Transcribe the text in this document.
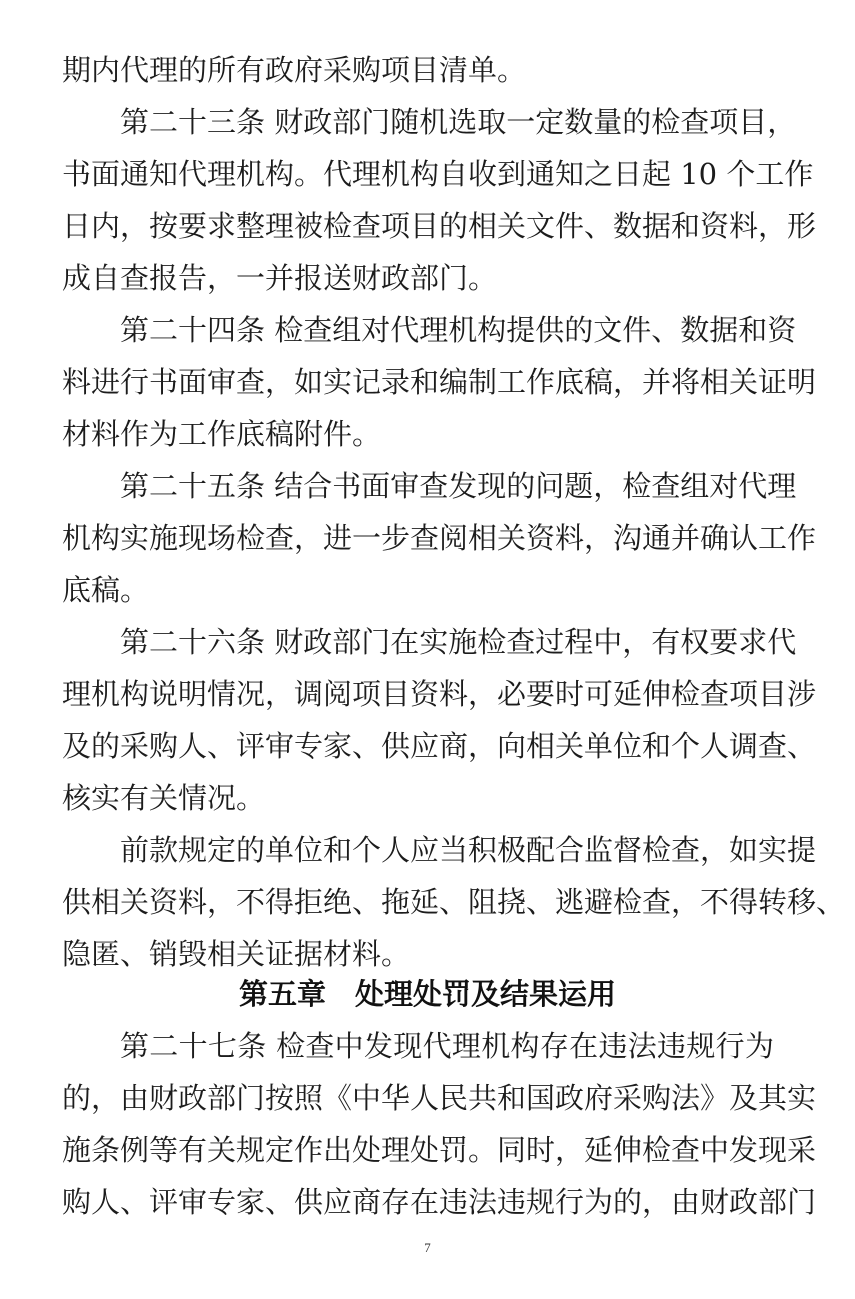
期内代理的所有政府采购项目清单。
第二十三条 财政部门随机选取一定数量的检查项目，
书面通知代理机构。代理机构自收到通知之日起 10 个工作
日内，按要求整理被检查项目的相关文件、数据和资料，形
成自查报告，一并报送财政部门。
第二十四条 检查组对代理机构提供的文件、数据和资
料进行书面审查，如实记录和编制工作底稿，并将相关证明
材料作为工作底稿附件。
第二十五条 结合书面审查发现的问题，检查组对代理
机构实施现场检查，进一步查阅相关资料，沟通并确认工作
底稿。
第二十六条 财政部门在实施检查过程中，有权要求代
理机构说明情况，调阅项目资料，必要时可延伸检查项目涉
及的采购人、评审专家、供应商，向相关单位和个人调查、
核实有关情况。
前款规定的单位和个人应当积极配合监督检查，如实提
供相关资料，不得拒绝、拖延、阻挠、逃避检查，不得转移、
隐匿、销毁相关证据材料。
第五章　处理处罚及结果运用
第二十七条 检查中发现代理机构存在违法违规行为
的，由财政部门按照《中华人民共和国政府采购法》及其实
施条例等有关规定作出处理处罚。同时，延伸检查中发现采
购人、评审专家、供应商存在违法违规行为的，由财政部门
7
